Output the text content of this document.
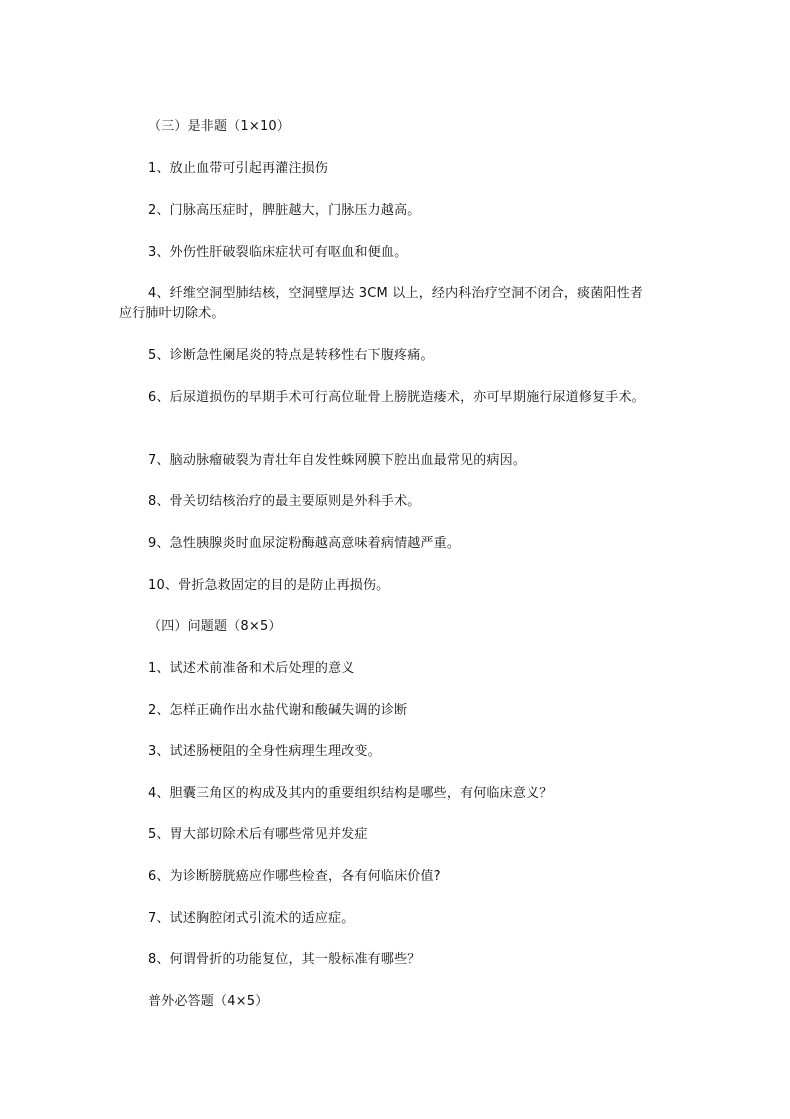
（三）是非题（1×10）
1、放止血带可引起再灌注损伤
2、门脉高压症时，脾脏越大，门脉压力越高。
3、外伤性肝破裂临床症状可有呕血和便血。
4、纤维空洞型肺结核，空洞壁厚达 3CM 以上，经内科治疗空洞不闭合，痰菌阳性者
应行肺叶切除术。
5、诊断急性阑尾炎的特点是转移性右下腹疼痛。
6、后尿道损伤的早期手术可行高位耻骨上膀胱造瘘术，亦可早期施行尿道修复手术。
7、脑动脉瘤破裂为青壮年自发性蛛网膜下腔出血最常见的病因。
8、骨关切结核治疗的最主要原则是外科手术。
9、急性胰腺炎时血尿淀粉酶越高意味着病情越严重。
10、骨折急救固定的目的是防止再损伤。
（四）问题题（8×5）
1、试述术前准备和术后处理的意义
2、怎样正确作出水盐代谢和酸碱失调的诊断
3、试述肠梗阻的全身性病理生理改变。
4、胆囊三角区的构成及其内的重要组织结构是哪些，有何临床意义？
5、胃大部切除术后有哪些常见并发症
6、为诊断膀胱癌应作哪些检查，各有何临床价值?
7、试述胸腔闭式引流术的适应症。
8、何谓骨折的功能复位，其一般标准有哪些？
普外必答题（4×5）
